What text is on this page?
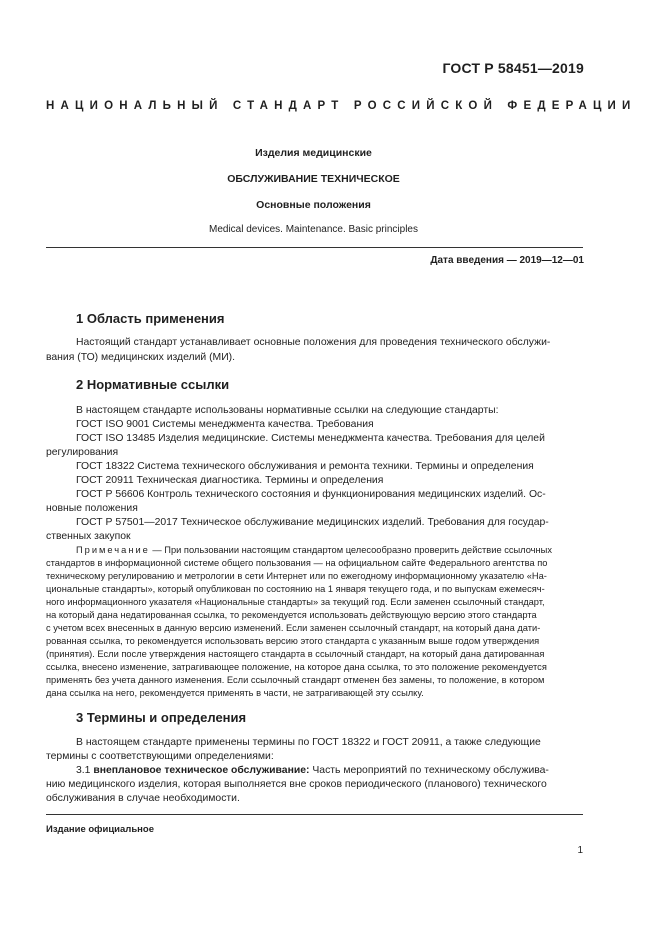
ГОСТ Р 58451—2019
НАЦИОНАЛЬНЫЙ СТАНДАРТ РОССИЙСКОЙ ФЕДЕРАЦИИ
Изделия медицинские
ОБСЛУЖИВАНИЕ ТЕХНИЧЕСКОЕ
Основные положения
Medical devices. Maintenance. Basic principles
Дата введения — 2019—12—01
1 Область применения
Настоящий стандарт устанавливает основные положения для проведения технического обслужи-
вания (ТО) медицинских изделий (МИ).
2 Нормативные ссылки
В настоящем стандарте использованы нормативные ссылки на следующие стандарты:
ГОСТ ISO 9001 Системы менеджмента качества. Требования
ГОСТ ISO 13485 Изделия медицинские. Системы менеджмента качества. Требования для целей
регулирования
ГОСТ 18322 Система технического обслуживания и ремонта техники. Термины и определения
ГОСТ 20911 Техническая диагностика. Термины и определения
ГОСТ Р 56606 Контроль технического состояния и функционирования медицинских изделий. Ос-
новные положения
ГОСТ Р 57501—2017 Техническое обслуживание медицинских изделий. Требования для государ-
ственных закупок
Примечание — При пользовании настоящим стандартом целесообразно проверить действие ссылочных
стандартов в информационной системе общего пользования — на официальном сайте Федерального агентства по
техническому регулированию и метрологии в сети Интернет или по ежегодному информационному указателю «На-
циональные стандарты», который опубликован по состоянию на 1 января текущего года, и по выпускам ежемесяч-
ного информационного указателя «Национальные стандарты» за текущий год. Если заменен ссылочный стандарт,
на который дана недатированная ссылка, то рекомендуется использовать действующую версию этого стандарта
с учетом всех внесенных в данную версию изменений. Если заменен ссылочный стандарт, на который дана дати-
рованная ссылка, то рекомендуется использовать версию этого стандарта с указанным выше годом утверждения
(принятия). Если после утверждения настоящего стандарта в ссылочный стандарт, на который дана датированная
ссылка, внесено изменение, затрагивающее положение, на которое дана ссылка, то это положение рекомендуется
применять без учета данного изменения. Если ссылочный стандарт отменен без замены, то положение, в котором
дана ссылка на него, рекомендуется применять в части, не затрагивающей эту ссылку.
3 Термины и определения
В настоящем стандарте применены термины по ГОСТ 18322 и ГОСТ 20911, а также следующие
термины с соответствующими определениями:
3.1 внеплановое техническое обслуживание: Часть мероприятий по техническому обслужива-
нию медицинского изделия, которая выполняется вне сроков периодического (планового) технического
обслуживания в случае необходимости.
Издание официальное
1
